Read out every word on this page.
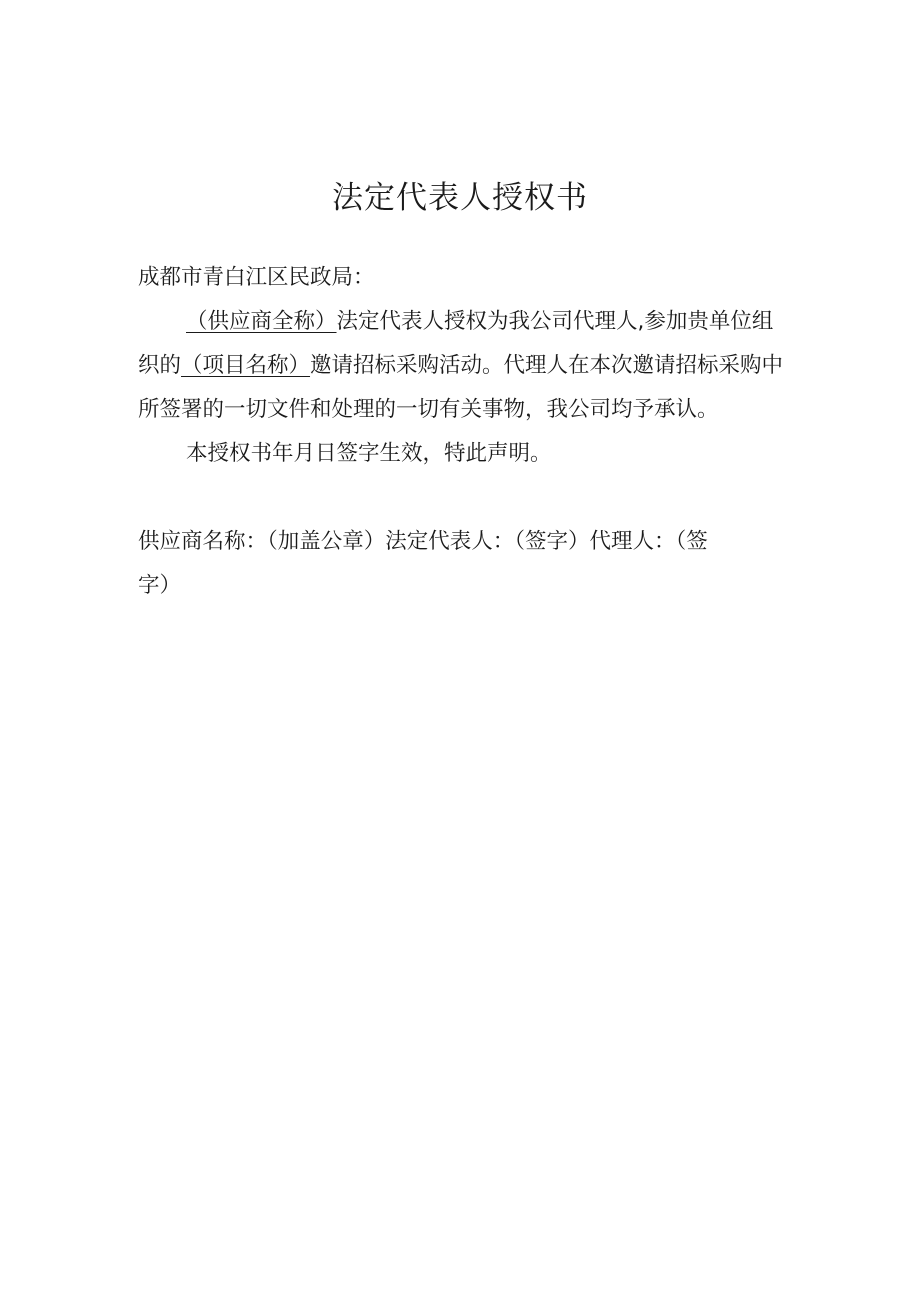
法定代表人授权书
成都市青白江区民政局：
（供应商全称）法定代表人授权为我公司代理人,参加贵单位组
织的（项目名称）邀请招标采购活动。代理人在本次邀请招标采购中
所签署的一切文件和处理的一切有关事物，我公司均予承认。
本授权书年月日签字生效，特此声明。
供应商名称：（加盖公章）法定代表人：（签字）代理人：（签
字）
